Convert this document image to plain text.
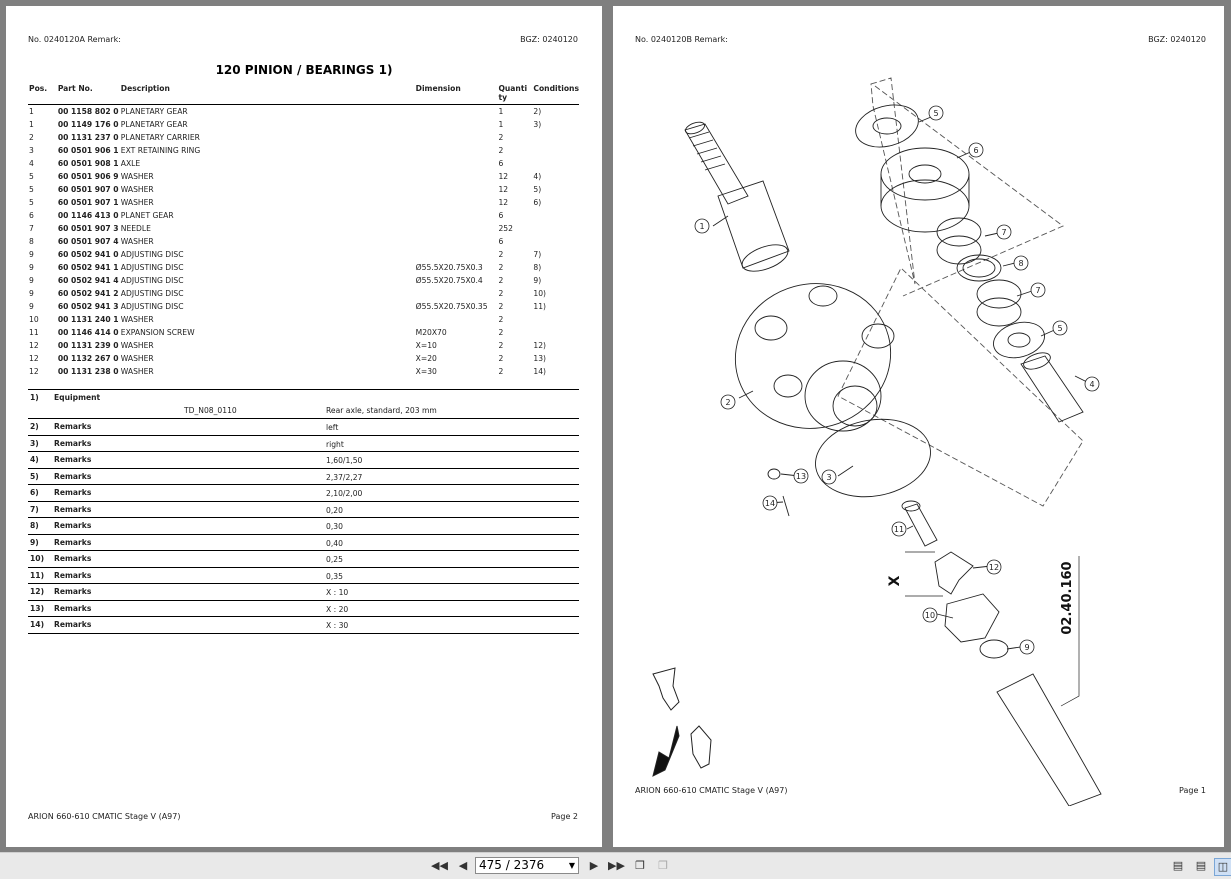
No. 0240120A Remark:	BGZ: 0240120
120 PINION / BEARINGS 1)
Pos.	Part No.	Description	Dimension	Quanti ty	Conditions
1	00 1158 802 0	PLANETARY GEAR		1	2)
1	00 1149 176 0	PLANETARY GEAR		1	3)
2	00 1131 237 0	PLANETARY CARRIER		2	
3	60 0501 906 1	EXT RETAINING RING		2	
4	60 0501 908 1	AXLE		6	
5	60 0501 906 9	WASHER		12	4)
5	60 0501 907 0	WASHER		12	5)
5	60 0501 907 1	WASHER		12	6)
6	00 1146 413 0	PLANET GEAR		6	
7	60 0501 907 3	NEEDLE		252	
8	60 0501 907 4	WASHER		6	
9	60 0502 941 0	ADJUSTING DISC		2	7)
9	60 0502 941 1	ADJUSTING DISC	Ø55.5X20.75X0.3	2	8)
9	60 0502 941 4	ADJUSTING DISC	Ø55.5X20.75X0.4	2	9)
9	60 0502 941 2	ADJUSTING DISC		2	10)
9	60 0502 941 3	ADJUSTING DISC	Ø55.5X20.75X0.35	2	11)
10	00 1131 240 1	WASHER		2	
11	00 1146 414 0	EXPANSION SCREW	M20X70	2	
12	00 1131 239 0	WASHER	X=10	2	12)
12	00 1132 267 0	WASHER	X=20	2	13)
12	00 1131 238 0	WASHER	X=30	2	14)
1) Equipment
TD_N08_0110	Rear axle, standard, 203 mm
2) Remarks	left
3) Remarks	right
4) Remarks	1,60/1,50
5) Remarks	2,37/2,27
6) Remarks	2,10/2,00
7) Remarks	0,20
8) Remarks	0,30
9) Remarks	0,40
10) Remarks	0,25
11) Remarks	0,35
12) Remarks	X : 10
13) Remarks	X : 20
14) Remarks	X : 30
ARION 660-610 CMATIC Stage V (A97)	Page 2
No. 0240120B Remark:	BGZ: 0240120
1
2
3
4
5
6
7
8
7
5
9
10
11
12
13
14
X	02.40.160
ARION 660-610 CMATIC Stage V (A97)	Page 1
◀◀ ◀ 475 / 2376	▼	▶ ▶▶ ❐ ❐	▤ ▤	◫
